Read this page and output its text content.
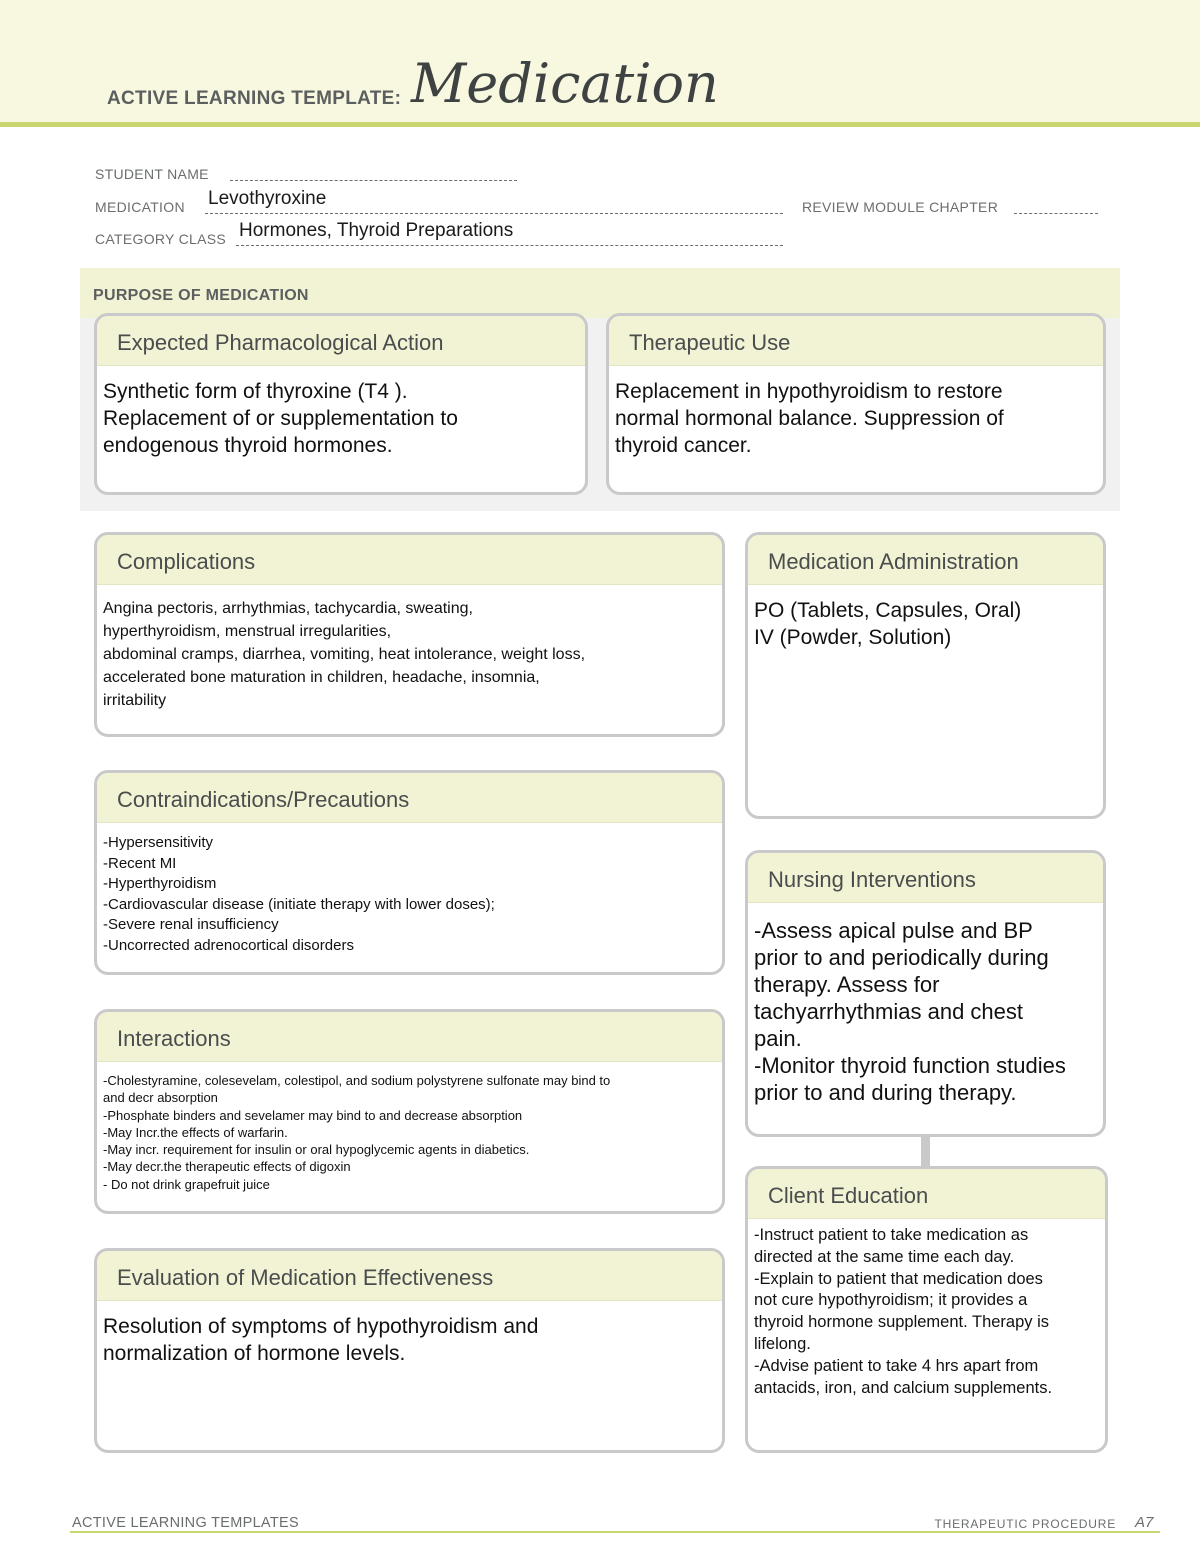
ACTIVE LEARNING TEMPLATE: Medication
STUDENT NAME
MEDICATION Levothyroxine	REVIEW MODULE CHAPTER
CATEGORY CLASS Hormones, Thyroid Preparations
PURPOSE OF MEDICATION
Expected Pharmacological Action
Synthetic form of thyroxine (T4 ).
Replacement of or supplementation to
endogenous thyroid hormones.
Therapeutic Use
Replacement in hypothyroidism to restore
normal hormonal balance. Suppression of
thyroid cancer.
Complications
Angina pectoris, arrhythmias, tachycardia, sweating,
hyperthyroidism, menstrual irregularities,
abdominal cramps, diarrhea, vomiting, heat intolerance, weight loss,
accelerated bone maturation in children, headache, insomnia,
irritability
Contraindications/Precautions
-Hypersensitivity
-Recent MI
-Hyperthyroidism
-Cardiovascular disease (initiate therapy with lower doses);
-Severe renal insufficiency
-Uncorrected adrenocortical disorders
Interactions
-Cholestyramine, colesevelam, colestipol, and sodium polystyrene sulfonate may bind to
and decr absorption
-Phosphate binders and sevelamer may bind to and decrease absorption
-May Incr.the effects of warfarin.
-May incr. requirement for insulin or oral hypoglycemic agents in diabetics.
-May decr.the therapeutic effects of digoxin
- Do not drink grapefruit juice
Evaluation of Medication Effectiveness
Resolution of symptoms of hypothyroidism and
normalization of hormone levels.
Medication Administration
PO (Tablets, Capsules, Oral)
IV (Powder, Solution)
Nursing Interventions
-Assess apical pulse and BP
prior to and periodically during
therapy. Assess for
tachyarrhythmias and chest
pain.
-Monitor thyroid function studies
prior to and during therapy.
Client Education
-Instruct patient to take medication as
directed at the same time each day.
-Explain to patient that medication does
not cure hypothyroidism; it provides a
thyroid hormone supplement. Therapy is
lifelong.
-Advise patient to take 4 hrs apart from
antacids, iron, and calcium supplements.
ACTIVE LEARNING TEMPLATES	THERAPEUTIC PROCEDURE A7
